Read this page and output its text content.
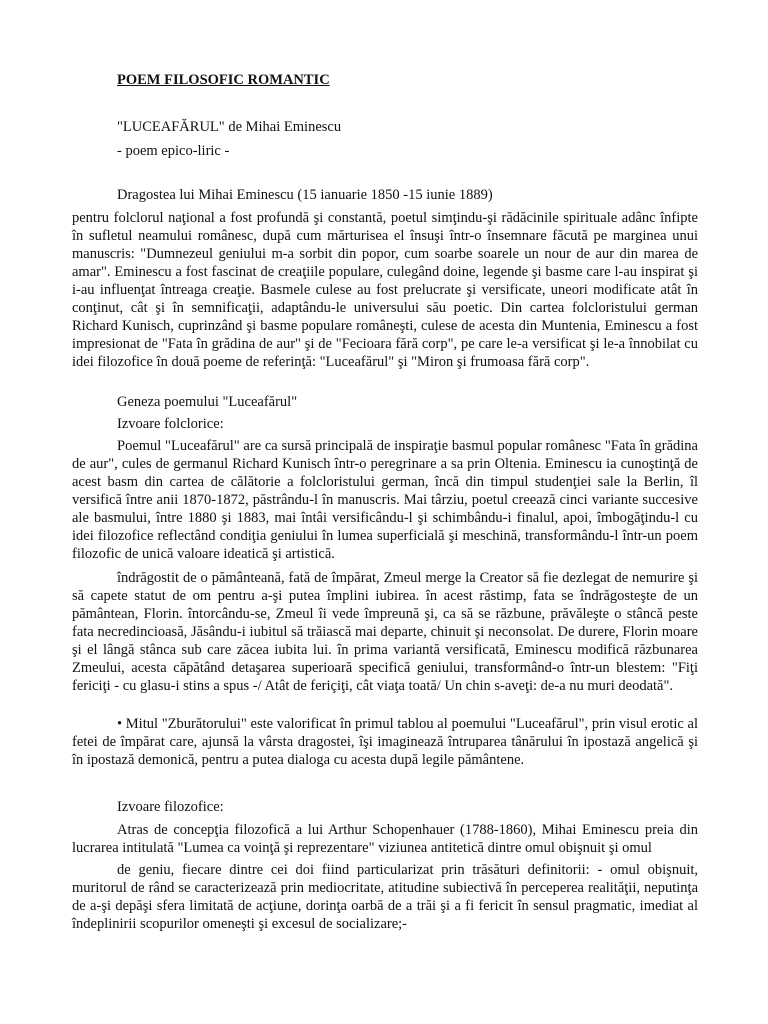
POEM FILOSOFIC ROMANTIC
"LUCEAFĂRUL" de Mihai Eminescu
- poem epico-liric -
Dragostea lui Mihai Eminescu (15 ianuarie 1850 -15 iunie 1889)

pentru folclorul naţional a fost profundă şi constantă, poetul simţindu-şi rădăcinile spirituale adânc înfipte în sufletul neamului românesc, după cum mărturisea el însuşi într-o însemnare făcută pe marginea unui manuscris: "Dumnezeul geniului m-a sorbit din popor, cum soarbe soarele un nour de aur din marea de amar". Eminescu a fost fascinat de creaţiile populare, culegând doine, legende şi basme care l-au inspirat şi i-au influenţat întreaga creaţie. Basmele culese au fost prelucrate şi versificate, uneori modificate atât în conţinut, cât şi în semnificaţii, adaptându-le universului său poetic. Din cartea folcloristului german Richard Kunisch, cuprinzând şi basme populare româneşti, culese de acesta din Muntenia, Eminescu a fost impresionat de "Fata în grădina de aur" şi de "Fecioara fără corp", pe care le-a versificat şi le-a înnobilat cu idei filozofice în două poeme de referinţă: "Luceafărul" şi "Miron şi frumoasa fără corp".

Geneza poemului "Luceafărul"
Izvoare folclorice:

Poemul "Luceafărul" are ca sursă principală de inspiraţie basmul popular românesc "Fata în grădina de aur", cules de germanul Richard Kunisch într-o peregrinare a sa prin Oltenia. Eminescu ia cunoştinţă de acest basm din cartea de călătorie a folcloristului german, încă din timpul studenţiei sale la Berlin, îl versifică între anii 1870-1872, păstrându-l în manuscris. Mai târziu, poetul creează cinci variante succesive ale basmului, între 1880 şi 1883, mai întâi versificându-l şi schimbându-i finalul, apoi, îmbogăţindu-l cu idei filozofice reflectând condiţia geniului în lumea superficială şi meschină, transformându-l într-un poem filozofic de unică valoare ideatică şi artistică.

îndrăgostit de o pământeană, fată de împărat, Zmeul merge la Creator să fie dezlegat de nemurire şi să capete statut de om pentru a-şi putea împlini iubirea. în acest răstimp, fata se îndrăgosteşte de un pământean, Florin. întorcându-se, Zmeul îi vede împreună şi, ca să se răzbune, prăvăleşte o stâncă peste fata necredincioasă, Jăsându-i iubitul să trăiască mai departe, chinuit şi neconsolat. De durere, Florin moare şi el lângă stânca sub care zăcea iubita lui. în prima variantă versificată, Eminescu modifică răzbunarea Zmeului, acesta căpătând detaşarea superioară specifică geniului, transformând-o într-un blestem: "Fiţi fericiţi - cu glasu-i stins a spus -/ Atât de feriçiţi, cât viaţa toată/ Un chin s-aveţi: de-a nu muri deodată".

• Mitul "Zburătorului" este valorificat în primul tablou al poemului "Luceafărul", prin visul erotic al fetei de împărat care, ajunsă la vârsta dragostei, îşi imaginează întruparea tânărului în ipostază angelică şi în ipostază demonică, pentru a putea dialoga cu acesta după legile pământene.

Izvoare filozofice:

Atras de concepţia filozofică a lui Arthur Schopenhauer (1788-1860), Mihai Eminescu preia din lucrarea intitulată "Lumea ca voinţă şi reprezentare" viziunea antitetică dintre omul obişnuit şi omul

de geniu, fiecare dintre cei doi fiind particularizat prin trăsături definitorii: - omul obişnuit, muritorul de rând se caracterizează prin mediocritate, atitudine subiectivă în perceperea realităţii, neputinţa de a-şi depăşi sfera limitată de acţiune, dorinţa oarbă de a trăi şi a fi fericit în sensul pragmatic, imediat al îndeplinirii scopurilor omeneşti şi excesul de socializare;-
